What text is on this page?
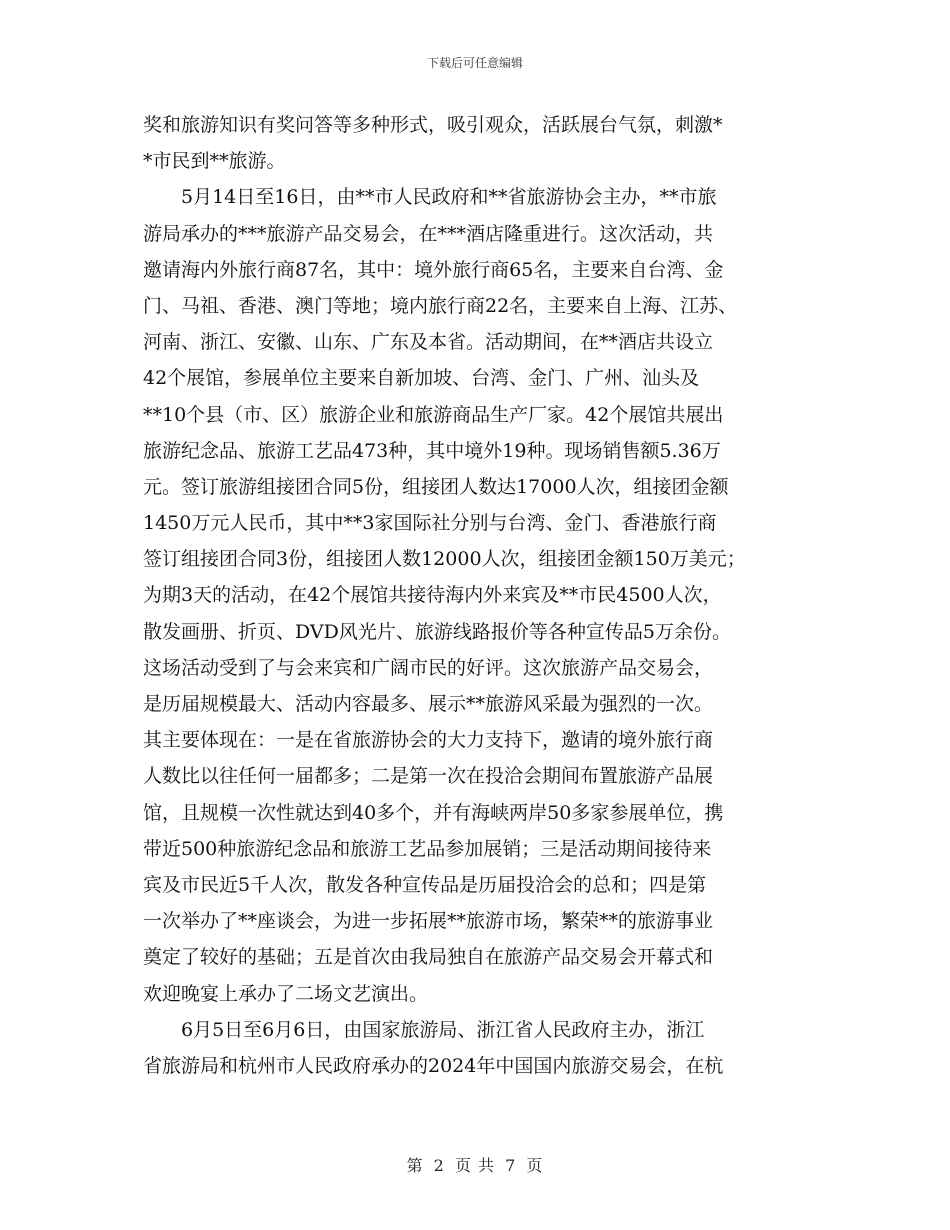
下载后可任意编辑
奖和旅游知识有奖问答等多种形式，吸引观众，活跃展台气氛，刺激*
*市民到**旅游。
　　5月14日至16日，由**市人民政府和**省旅游协会主办，**市旅
游局承办的***旅游产品交易会，在***酒店隆重进行。这次活动，共
邀请海内外旅行商87名，其中：境外旅行商65名，主要来自台湾、金
门、马祖、香港、澳门等地；境内旅行商22名，主要来自上海、江苏、
河南、浙江、安徽、山东、广东及本省。活动期间，在**酒店共设立
42个展馆，参展单位主要来自新加坡、台湾、金门、广州、汕头及
**10个县（市、区）旅游企业和旅游商品生产厂家。42个展馆共展出
旅游纪念品、旅游工艺品473种，其中境外19种。现场销售额5.36万
元。签订旅游组接团合同5份，组接团人数达17000人次，组接团金额
1450万元人民币，其中**3家国际社分别与台湾、金门、香港旅行商
签订组接团合同3份，组接团人数12000人次，组接团金额150万美元；
为期3天的活动，在42个展馆共接待海内外来宾及**市民4500人次，
散发画册、折页、DVD风光片、旅游线路报价等各种宣传品5万余份。
这场活动受到了与会来宾和广阔市民的好评。这次旅游产品交易会，
是历届规模最大、活动内容最多、展示**旅游风采最为强烈的一次。
其主要体现在：一是在省旅游协会的大力支持下，邀请的境外旅行商
人数比以往任何一届都多；二是第一次在投洽会期间布置旅游产品展
馆，且规模一次性就达到40多个，并有海峡两岸50多家参展单位，携
带近500种旅游纪念品和旅游工艺品参加展销；三是活动期间接待来
宾及市民近5千人次，散发各种宣传品是历届投洽会的总和；四是第
一次举办了**座谈会，为进一步拓展**旅游市场，繁荣**的旅游事业
奠定了较好的基础；五是首次由我局独自在旅游产品交易会开幕式和
欢迎晚宴上承办了二场文艺演出。
　　6月5日至6月6日，由国家旅游局、浙江省人民政府主办，浙江
省旅游局和杭州市人民政府承办的2024年中国国内旅游交易会，在杭
第 2 页 共 7 页
